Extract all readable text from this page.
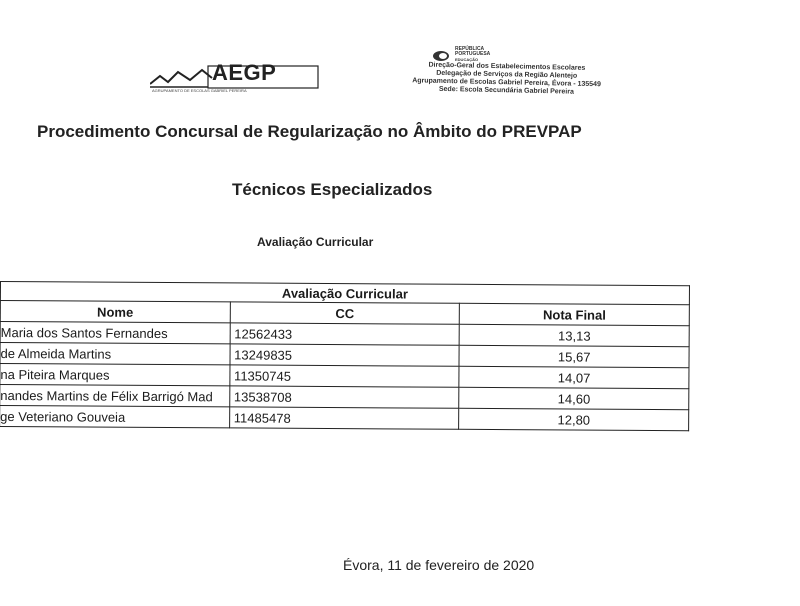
AEGP
AGRUPAMENTO DE ESCOLAS GABRIEL PEREIRA
REPÚBLICA
PORTUGUESA
EDUCAÇÃO
Direção-Geral dos Estabelecimentos Escolares
Delegação de Serviços da Região Alentejo
Agrupamento de Escolas Gabriel Pereira, Évora - 135549
Sede: Escola Secundária Gabriel Pereira
Procedimento Concursal de Regularização no Âmbito do PREVPAP
Técnicos Especializados
Avaliação Curricular
Avaliação Curricular		
Nome	CC	Nota Final
Maria dos Santos Fernandes	12562433	13,13
de Almeida Martins	13249835	15,67
na Piteira Marques	11350745	14,07
nandes Martins de Félix Barrigó Mad	13538708	14,60
ge Veteriano Gouveia	11485478	12,80
Évora, 11 de fevereiro de 2020
